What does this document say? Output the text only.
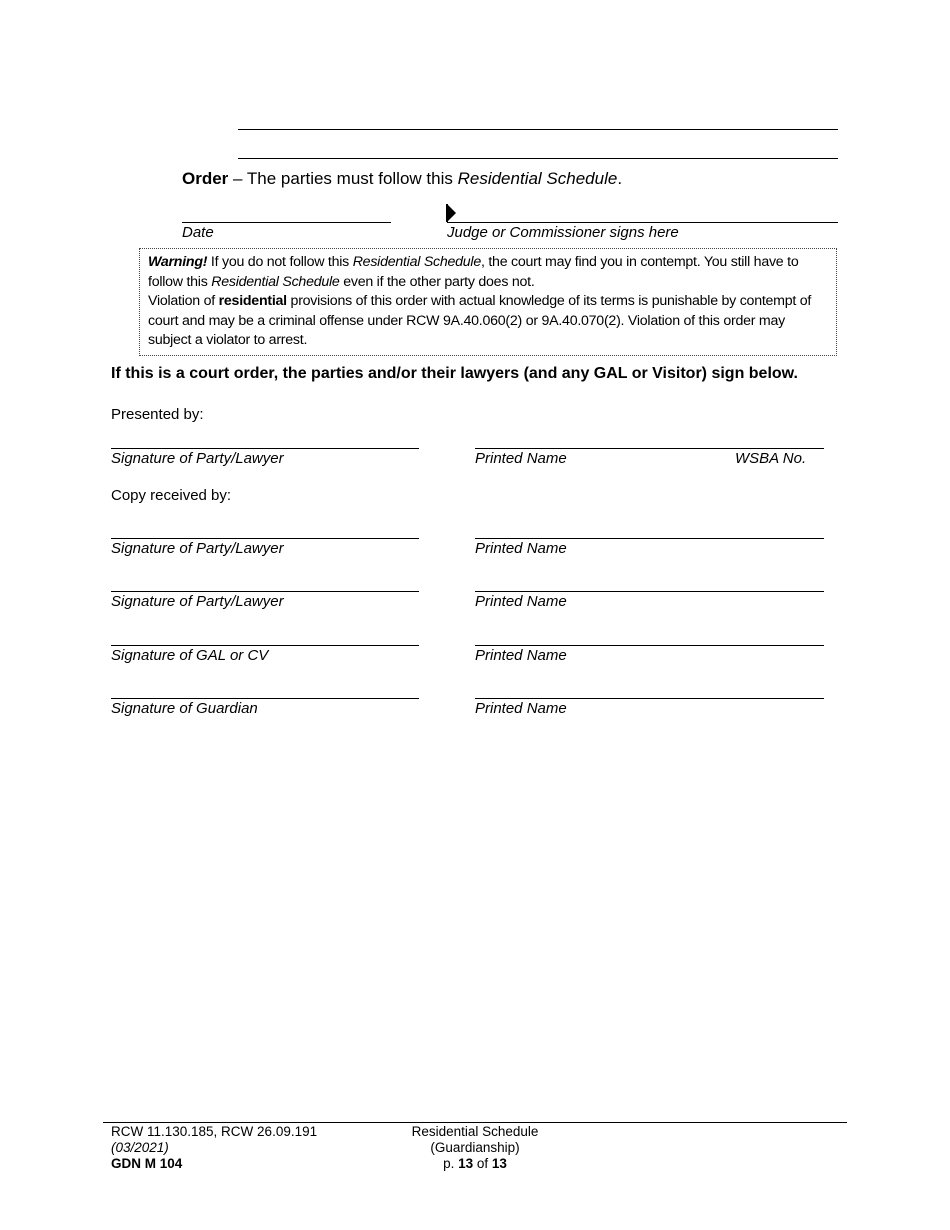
Order – The parties must follow this Residential Schedule.
Date	Judge or Commissioner signs here

Warning! If you do not follow this Residential Schedule, the court may find you in contempt. You still have to follow this Residential Schedule even if the other party does not.

Violation of residential provisions of this order with actual knowledge of its terms is punishable by contempt of court and may be a criminal offense under RCW 9A.40.060(2) or 9A.40.070(2). Violation of this order may subject a violator to arrest.

If this is a court order, the parties and/or their lawyers (and any GAL or Visitor) sign below.
Presented by:
Signature of Party/Lawyer	Printed Name	WSBA No.
Copy received by:
Signature of Party/Lawyer	Printed Name
Signature of Party/Lawyer	Printed Name
Signature of GAL or CV	Printed Name
Signature of Guardian	Printed Name
RCW 11.130.185, RCW 26.09.191
(03/2021)
GDN M 104
Residential Schedule
(Guardianship)
p. 13 of 13
